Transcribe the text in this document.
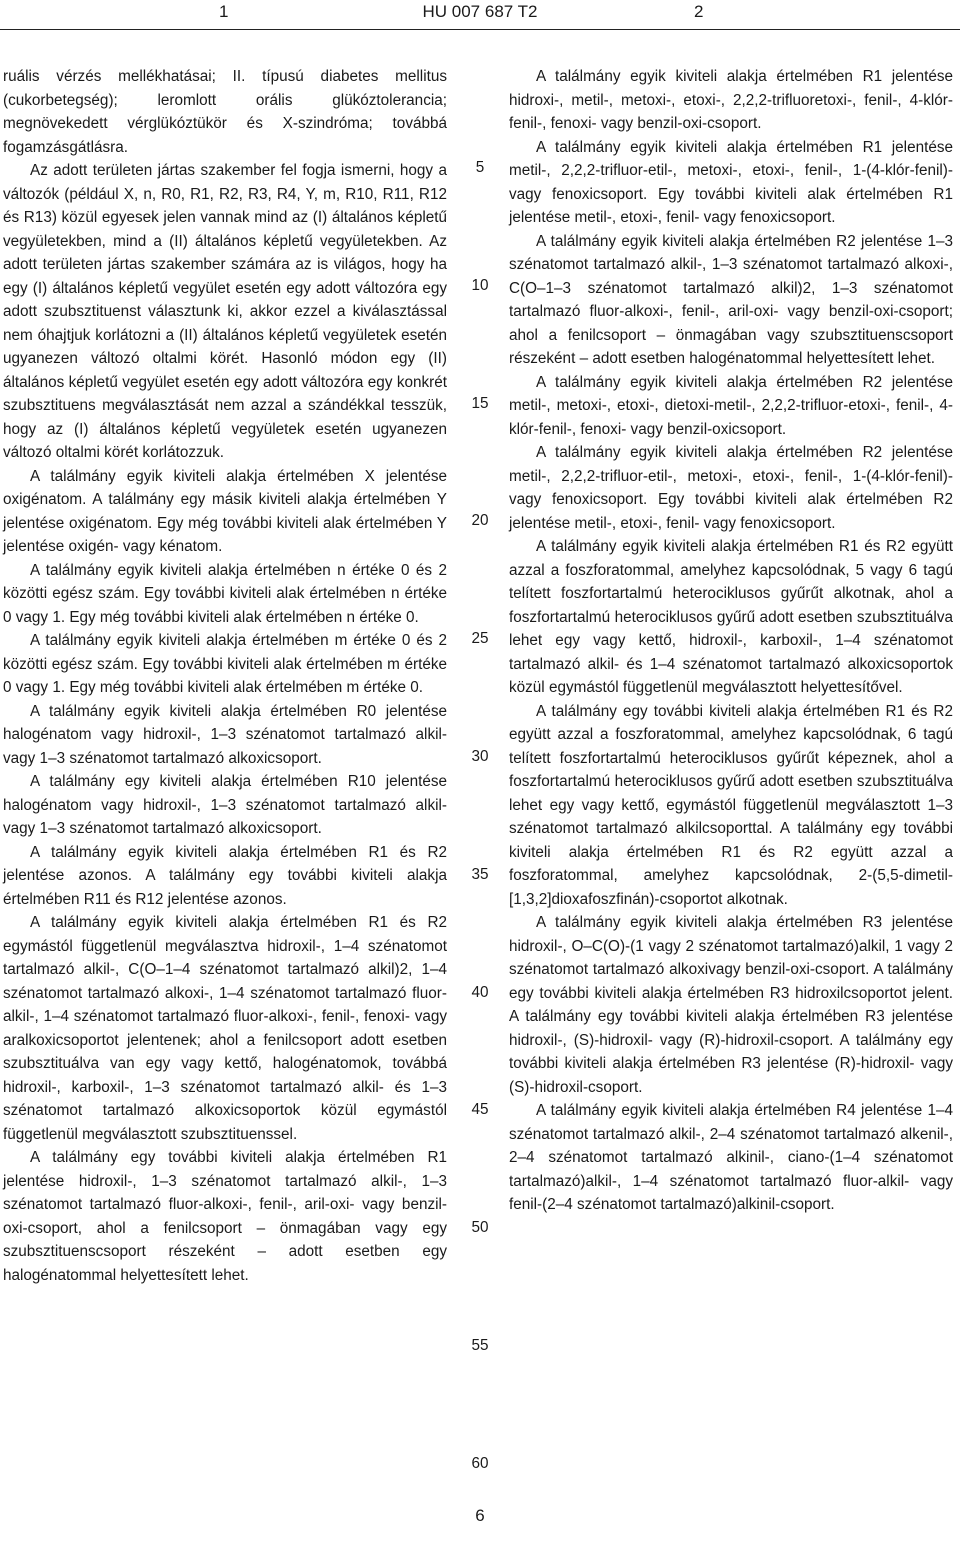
1	HU 007 687 T2	2

ruális vérzés mellékhatásai; II. típusú diabetes mellitus (cukorbetegség); leromlott orális glükóztolerancia; megnövekedett vérglükóztükör és X-szindróma; továbbá fogamzásgátlásra.

Az adott területen jártas szakember fel fogja ismerni, hogy a változók (például X, n, R0, R1, R2, R3, R4, Y, m, R10, R11, R12 és R13) közül egyesek jelen vannak mind az (I) általános képletű vegyületekben, mind a (II) általános képletű vegyületekben. Az adott területen jártas szakember számára az is világos, hogy ha egy (I) általános képletű vegyület esetén egy adott változóra egy adott szubsztituenst választunk ki, akkor ezzel a kiválasztással nem óhajtjuk korlátozni a (II) általános képletű vegyületek esetén ugyanezen változó oltalmi körét. Hasonló módon egy (II) általános képletű vegyület esetén egy adott változóra egy konkrét szubsztituens megválasztását nem azzal a szándékkal tesszük, hogy az (I) általános képletű vegyületek esetén ugyanezen változó oltalmi körét korlátozzuk.

A találmány egyik kiviteli alakja értelmében X jelentése oxigénatom. A találmány egy másik kiviteli alakja értelmében Y jelentése oxigénatom. Egy még további kiviteli alak értelmében Y jelentése oxigén- vagy kénatom.

A találmány egyik kiviteli alakja értelmében n értéke 0 és 2 közötti egész szám. Egy további kiviteli alak értelmében n értéke 0 vagy 1. Egy még további kiviteli alak értelmében n értéke 0.

A találmány egyik kiviteli alakja értelmében m értéke 0 és 2 közötti egész szám. Egy további kiviteli alak értelmében m értéke 0 vagy 1. Egy még további kiviteli alak értelmében m értéke 0.

A találmány egyik kiviteli alakja értelmében R0 jelentése halogénatom vagy hidroxil-, 1–3 szénatomot tartalmazó alkil- vagy 1–3 szénatomot tartalmazó alkoxicsoport.

A találmány egy kiviteli alakja értelmében R10 jelentése halogénatom vagy hidroxil-, 1–3 szénatomot tartalmazó alkil- vagy 1–3 szénatomot tartalmazó alkoxicsoport.

A találmány egyik kiviteli alakja értelmében R1 és R2 jelentése azonos. A találmány egy további kiviteli alakja értelmében R11 és R12 jelentése azonos.

A találmány egyik kiviteli alakja értelmében R1 és R2 egymástól függetlenül megválasztva hidroxil-, 1–4 szénatomot tartalmazó alkil-, C(O–1–4 szénatomot tartalmazó alkil)2, 1–4 szénatomot tartalmazó alkoxi-, 1–4 szénatomot tartalmazó fluor-alkil-, 1–4 szénatomot tartalmazó fluor-alkoxi-, fenil-, fenoxi- vagy aralkoxicsoportot jelentenek; ahol a fenilcsoport adott esetben szubsztituálva van egy vagy kettő, halogénatomok, továbbá hidroxil-, karboxil-, 1–3 szénatomot tartalmazó alkil- és 1–3 szénatomot tartalmazó alkoxicsoportok közül egymástól függetlenül megválasztott szubsztituenssel.

A találmány egy további kiviteli alakja értelmében R1 jelentése hidroxil-, 1–3 szénatomot tartalmazó alkil-, 1–3 szénatomot tartalmazó fluor-alkoxi-, fenil-, aril-oxi- vagy benzil-oxi-csoport, ahol a fenilcsoport – önmagában vagy egy szubsztituenscsoport részeként – adott esetben egy halogénatommal helyettesített lehet.

A találmány egyik kiviteli alakja értelmében R1 jelentése hidroxi-, metil-, metoxi-, etoxi-, 2,2,2-trifluoretoxi-, fenil-, 4-klór-fenil-, fenoxi- vagy benzil-oxi-csoport.

A találmány egyik kiviteli alakja értelmében R1 jelentése metil-, 2,2,2-trifluor-etil-, metoxi-, etoxi-, fenil-, 1-(4-klór-fenil)- vagy fenoxicsoport. Egy további kiviteli alak értelmében R1 jelentése metil-, etoxi-, fenil- vagy fenoxicsoport.

A találmány egyik kiviteli alakja értelmében R2 jelentése 1–3 szénatomot tartalmazó alkil-, 1–3 szénatomot tartalmazó alkoxi-, C(O–1–3 szénatomot tartalmazó alkil)2, 1–3 szénatomot tartalmazó fluor-alkoxi-, fenil-, aril-oxi- vagy benzil-oxi-csoport; ahol a fenilcsoport – önmagában vagy szubsztituenscsoport részeként – adott esetben halogénatommal helyettesített lehet.

A találmány egyik kiviteli alakja értelmében R2 jelentése metil-, metoxi-, etoxi-, dietoxi-metil-, 2,2,2-trifluor-etoxi-, fenil-, 4-klór-fenil-, fenoxi- vagy benzil-oxicsoport.

A találmány egyik kiviteli alakja értelmében R2 jelentése metil-, 2,2,2-trifluor-etil-, metoxi-, etoxi-, fenil-, 1-(4-klór-fenil)- vagy fenoxicsoport. Egy további kiviteli alak értelmében R2 jelentése metil-, etoxi-, fenil- vagy fenoxicsoport.

A találmány egyik kiviteli alakja értelmében R1 és R2 együtt azzal a foszforatommal, amelyhez kapcsolódnak, 5 vagy 6 tagú telített foszfortartalmú heterociklusos gyűrűt alkotnak, ahol a foszfortartalmú heterociklusos gyűrű adott esetben szubsztituálva lehet egy vagy kettő, hidroxil-, karboxil-, 1–4 szénatomot tartalmazó alkil- és 1–4 szénatomot tartalmazó alkoxicsoportok közül egymástól függetlenül megválasztott helyettesítővel.

A találmány egy további kiviteli alakja értelmében R1 és R2 együtt azzal a foszforatommal, amelyhez kapcsolódnak, 6 tagú telített foszfortartalmú heterociklusos gyűrűt képeznek, ahol a foszfortartalmú heterociklusos gyűrű adott esetben szubsztituálva lehet egy vagy kettő, egymástól függetlenül megválasztott 1–3 szénatomot tartalmazó alkilcsoporttal. A találmány egy további kiviteli alakja értelmében R1 és R2 együtt azzal a foszforatommal, amelyhez kapcsolódnak, 2-(5,5-dimetil-[1,3,2]dioxafoszfinán)-csoportot alkotnak.

A találmány egyik kiviteli alakja értelmében R3 jelentése hidroxil-, O–C(O)-(1 vagy 2 szénatomot tartalmazó)alkil, 1 vagy 2 szénatomot tartalmazó alkoxivagy benzil-oxi-csoport. A találmány egy további kiviteli alakja értelmében R3 hidroxilcsoportot jelent. A találmány egy további kiviteli alakja értelmében R3 jelentése hidroxil-, (S)-hidroxil- vagy (R)-hidroxil-csoport. A találmány egy további kiviteli alakja értelmében R3 jelentése (R)-hidroxil- vagy (S)-hidroxil-csoport.

A találmány egyik kiviteli alakja értelmében R4 jelentése 1–4 szénatomot tartalmazó alkil-, 2–4 szénatomot tartalmazó alkenil-, 2–4 szénatomot tartalmazó alkinil-, ciano-(1–4 szénatomot tartalmazó)alkil-, 1–4 szénatomot tartalmazó fluor-alkil- vagy fenil-(2–4 szénatomot tartalmazó)alkinil-csoport.

5
10
15
20
25
30
35
40
45
50
55
60
6
